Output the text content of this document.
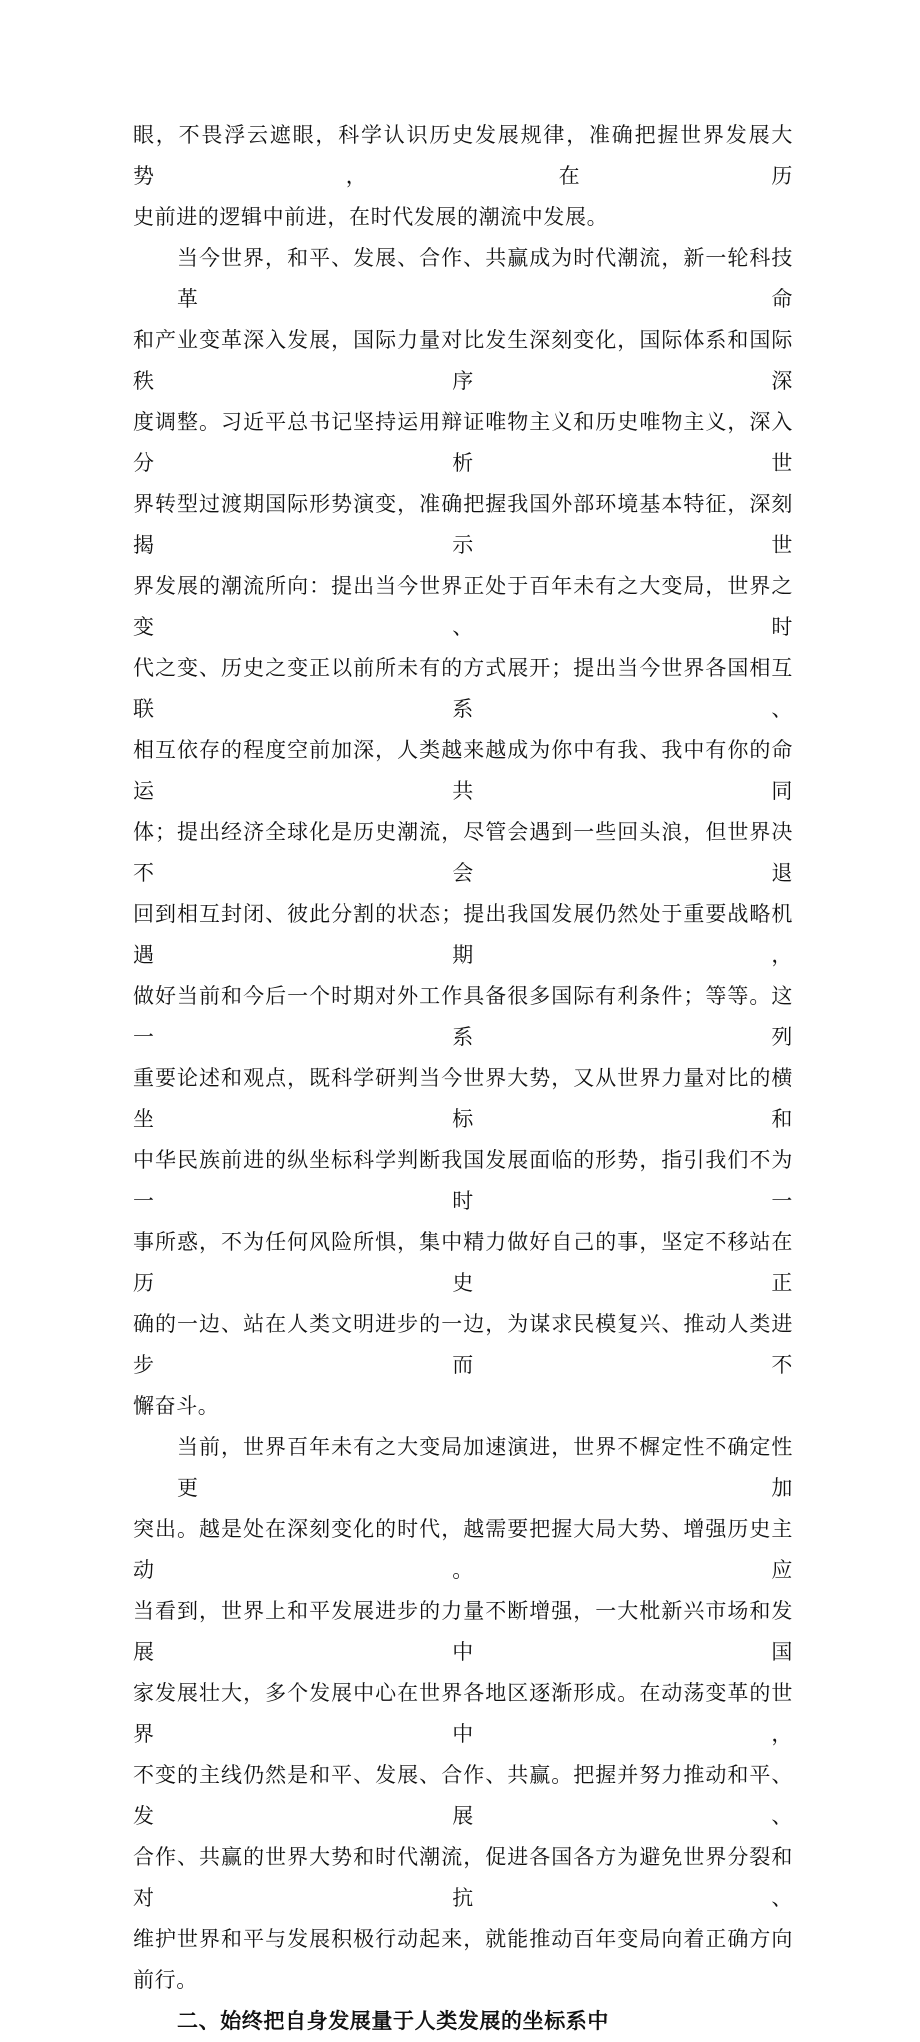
眼，不畏浮云遮眼，科学认识历史发展规律，准确把握世界发展大势，在历
史前进的逻辑中前进，在时代发展的潮流中发展。

当今世界，和平、发展、合作、共赢成为时代潮流，新一轮科技革命
和产业变革深入发展，国际力量对比发生深刻变化，国际体系和国际秩序深
度调整。习近平总书记坚持运用辩证唯物主义和历史唯物主义，深入分析世
界转型过渡期国际形势演变，准确把握我国外部环境基本特征，深刻揭示世
界发展的潮流所向：提出当今世界正处于百年未有之大变局，世界之变、时
代之变、历史之变正以前所未有的方式展开；提出当今世界各国相互联系、
相互依存的程度空前加深，人类越来越成为你中有我、我中有你的命运共同
体；提出经济全球化是历史潮流，尽管会遇到一些回头浪，但世界决不会退
回到相互封闭、彼此分割的状态；提出我国发展仍然处于重要战略机遇期，
做好当前和今后一个时期对外工作具备很多国际有利条件；等等。这一系列
重要论述和观点，既科学研判当今世界大势，又从世界力量对比的横坐标和
中华民族前进的纵坐标科学判断我国发展面临的形势，指引我们不为一时一
事所惑，不为任何风险所惧，集中精力做好自己的事，坚定不移站在历史正
确的一边、站在人类文明进步的一边，为谋求民模复兴、推动人类进步而不
懈奋斗。

当前，世界百年未有之大变局加速演进，世界不樨定性不确定性更加
突出。越是处在深刻变化的时代，越需要把握大局大势、增强历史主动。应
当看到，世界上和平发展进步的力量不断增强，一大枇新兴市场和发展中国
家发展壮大，多个发展中心在世界各地区逐渐形成。在动荡变革的世界中，
不变的主线仍然是和平、发展、合作、共赢。把握并努力推动和平、发展、
合作、共赢的世界大势和时代潮流，促进各国各方为避免世界分裂和对抗、
维护世界和平与发展积极行动起来，就能推动百年变局向着正确方向前行。

二、始终把自身发展量于人类发展的坐标系中
